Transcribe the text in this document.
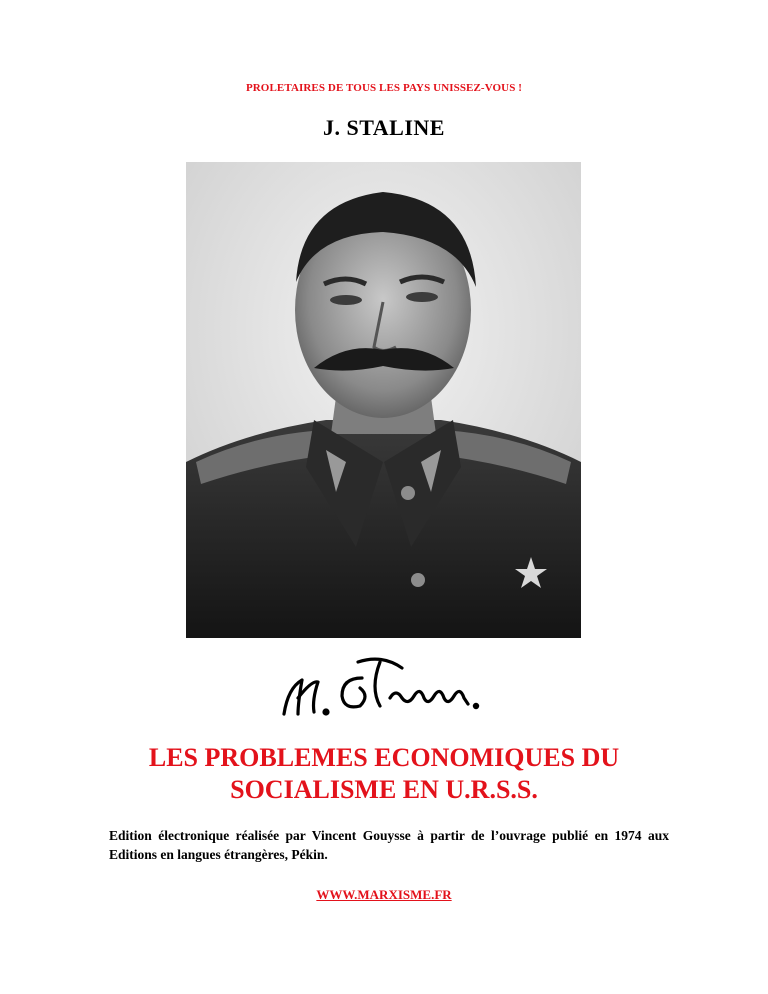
PROLETAIRES DE TOUS LES PAYS UNISSEZ-VOUS !
J. STALINE
LES PROBLEMES ECONOMIQUES DU
SOCIALISME EN U.R.S.S.
Edition électronique réalisée par Vincent Gouysse à partir de l’ouvrage publié en 1974 aux Editions en langues étrangères, Pékin.
WWW.MARXISME.FR
